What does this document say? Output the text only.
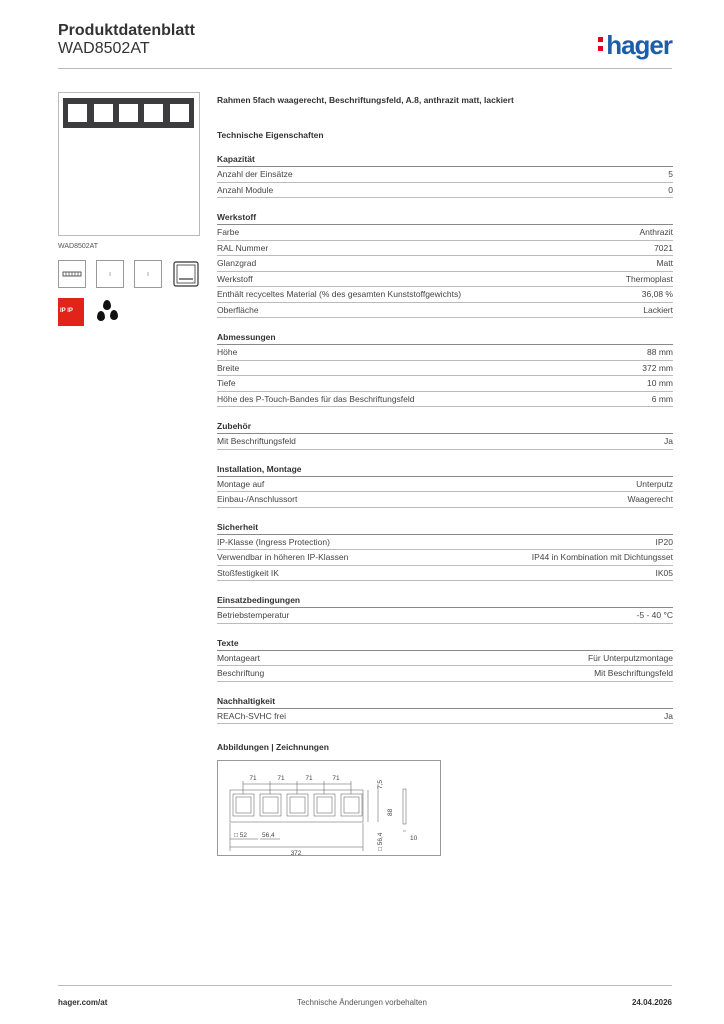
Produktdatenblatt
WAD8502AT	hager
WAD8502AT
IP IP
Rahmen 5fach waagerecht, Beschriftungsfeld, A.8, anthrazit matt, lackiert
Technische Eigenschaften
Kapazität
Anzahl der Einsätze	5
Anzahl Module	0
Werkstoff
Farbe	Anthrazit
RAL Nummer	7021
Glanzgrad	Matt
Werkstoff	Thermoplast
Enthält recyceltes Material (% des gesamten Kunststoffgewichts)	36,08 %
Oberfläche	Lackiert
Abmessungen
Höhe	88 mm
Breite	372 mm
Tiefe	10 mm
Höhe des P-Touch-Bandes für das Beschriftungsfeld	6 mm
Zubehör
Mit Beschriftungsfeld	Ja
Installation, Montage
Montage auf	Unterputz
Einbau-/Anschlussort	Waagerecht
Sicherheit
IP-Klasse (Ingress Protection)	IP20
Verwendbar in höheren IP-Klassen	IP44 in Kombination mit Dichtungsset
Stoßfestigkeit IK	IK05
Einsatzbedingungen
Betriebstemperatur	-5 - 40 °C
Texte
Montageart	Für Unterputzmontage
Beschriftung	Mit Beschriftungsfeld
Nachhaltigkeit
REACh-SVHC frei	Ja
Abbildungen | Zeichnungen
71	71	71	71
7,5
88
□ 52 56,4
372
□ 56,4	10
hager.com/at	Technische Änderungen vorbehalten	24.04.2026
